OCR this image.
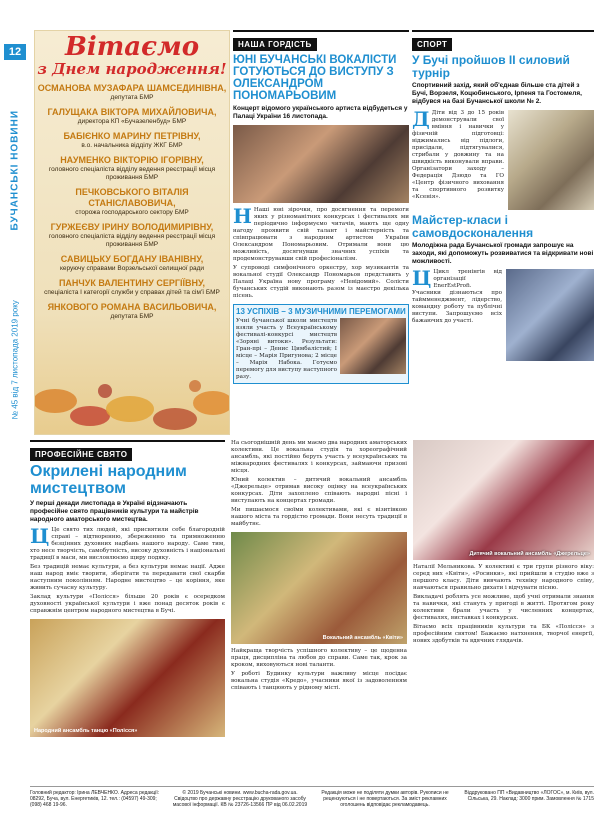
12
БУЧАНСЬКІ НОВИНИ
№ 45 від 7 листопада 2019 року
Вітаємо
з Днем народження!
ОСМАНОВА МУЗАФАРА ШАМСЕДИНІВНА,
депутата БМР
ГАЛУЩАКА ВІКТОРА МИХАЙЛОВИЧА,
директора КП «Бучазеленбуд» БМР
БАБІЄНКО МАРИНУ ПЕТРІВНУ,
в.о. начальника відділу ЖКГ БМР
НАУМЕНКО ВІКТОРІЮ ІГОРІВНУ,
головного спеціаліста відділу ведення реєстрації місця проживання БМР
ПЕЧКОВСЬКОГО ВІТАЛІЯ СТАНІСЛАВОВИЧА,
сторожа господарського сектору БМР
ГУРЖЕЄВУ ІРИНУ ВОЛОДИМИРІВНУ,
головного спеціаліста відділу ведення реєстрації місця проживання БМР
САВИЦЬКУ БОГДАНУ ІВАНІВНУ,
керуючу справами Ворзельської селищної ради
ПАНЧУК ВАЛЕНТИНУ СЕРГІЇВНУ,
спеціаліста І категорії служби у справах дітей та сім'ї БМР
ЯНКОВОГО РОМАНА ВАСИЛЬОВИЧА,
депутата БМР
НАША ГОРДІСТЬ
ЮНІ БУЧАНСЬКІ ВОКАЛІСТИ ГОТУЮТЬСЯ ДО ВИСТУПУ З ОЛЕКСАНДРОМ ПОНОМАРЬОВИМ
Концерт відомого українського артиста відбудеться у Палаці України 16 листопада.
Н Наші юні зірочки, про досягнення та перемоги яких у різноманітних конкурсах і фестивалях ми періодично інформуємо читачів, мають ще одну нагоду проявити свій талант і майстерність та співпрацювати з народним артистом України Олександром Пономарьовим. Отримали вони цю можливість, досягнувши значних успіхів та продемонструвавши свій професіоналізм.
У супроводі симфонічного оркестру, хор музикантів та вокальної студії Олександр Пономарьов представить у Палаці Україна нову програму «Невідомий». Солісти бучанських студій виконають разом із маестро декілька пісень.
13 УСПІХІВ – 3 МУЗИЧНИМИ ПЕРЕМОГАМИ
Учні бучанської школи мистецтв взяли участь у Всеукраїнському фестивалі-конкурсі мистецтв «Зоряні витоки». Результати: Гран-прі – Денис Цимбалістий; І місце – Марія Пригунова; 2 місце – Марія Набока. Готуємо перемогу для виступу наступного разу.
СПОРТ
У Бучі пройшов ІІ силовий турнір
Спортивний захід, який об'єднав більше ста дітей з Бучі, Ворзеля, Коцюбинського, Ірпеня та Гостомеля, відбувся на базі Бучанської школи № 2.
Д Діти від 3 до 15 років демонстрували свої вміння і навички у фізичній підготовці: віджимались від підлоги, присідали, підтягувалися, стрибали у довжину та на швидкість виконували вправи. Організатори заходу – Федерація Дзюдо та ГО «Центр фізичного виховання та спортивного розвитку «Ксенія».
Майстер-класи і самовдосконалення
Молодіжна рада Бучанської громади запрошує на заходи, які допоможуть розвиватися та відкривати нові можливості.
Ц Цикл тренінгів від організації EnerEstProfi. Учасники дізнаються про таймменеджмент, лідерство, командну роботу та публічні виступи. Запрошуємо всіх бажаючих до участі.
ПРОФЕСІЙНЕ СВЯТО
Окрилені народним мистецтвом
У перші декади листопада в Україні відзначають професійне свято працівників культури та майстрів народного аматорського мистецтва.
Ц Це свято тих людей, які присвятили себе благородній справі – відтворенню, збереженню та примноженню безцінних духовних надбань нашого народу. Саме тим, хто несе творчість, самобутність, високу духовність і національні традиції в маси, ми висловлюємо щиру подяку.
Без традицій немає культури, а без культури немає нації. Адже наш народ вміє творити, зберігати та передавати свої скарби наступним поколінням. Народне мистецтво – це коріння, яке живить сучасну культуру.
Заклад культури «Полісся» більше 20 років є осередком духовності української культури і вже понад десяток років є справжнім центром народного мистецтва в Бучі.
Народний ансамбль танцю «Полісся»
На сьогоднішній день ми маємо два народних аматорських колективи. Це вокальна студія та хореографічний ансамбль, які постійно беруть участь у всеукраїнських та міжнародних фестивалях і конкурсах, займаючи призові місця.
Юний колектив – дитячий вокальний ансамбль «Джерельце» отримав високу оцінку на всеукраїнських конкурсах. Діти захоплено співають народні пісні і виступають на концертах громади.
Ми пишаємося своїми колективами, які є візитівкою нашого міста та гордістю громади. Вони несуть традиції в майбутнє.
Вокальний ансамбль «Квіти»
Найкраща творчість успішного колективу – це щоденна праця, дисципліна та любов до справи. Саме так, крок за кроком, виховуються нові таланти.
У роботі Будинку культури важливу місце посідає вокальна студія «Кредо», учасники якої із задоволенням співають і танцюють у рідному місті.
Дитячий вокальний ансамбль «Джерельце»
Наталії Мельникова. У колективі є три групи різного віку: серед них «Квіти», «Росинки», які прийшли в студію вже з першого класу. Діти вивчають техніку народного співу, навчаються правильно дихати і відчувати пісню.
Викладачі роблять усе можливе, щоб учні отримали знання та навички, які стануть у пригоді в житті. Протягом року колективи брали участь у численних концертах, фестивалях, виставках і конкурсах.
Вітаємо всіх працівників культури та БК «Полісся» з професійним святом! Бажаємо натхнення, творчої енергії, нових здобутків та вдячних глядачів.
Головний редактор: Ірина ЛЕВЧЕНКО. Адреса редакції: 08292, Буча, вул. Енергетиків, 12. тел.: (04597) 49-309; (098) 468 19-96.
© 2019 Бучанські новини. www.bucha-rada.gov.ua. Свідоцтво про державну реєстрацію друкованого засобу масової інформації. КВ № 23726-13566 ПР від 06.02.2019
Редакція може не поділяти думки авторів. Рукописи не рецензуються і не повертаються. За зміст рекламних оголошень відповідає рекламодавець.
Віддруковано ПП «Видавництво «ЛОГОС», м. Київ, вул. Сільська, 29. Наклад: 3000 прим. Замовлення № 1715
